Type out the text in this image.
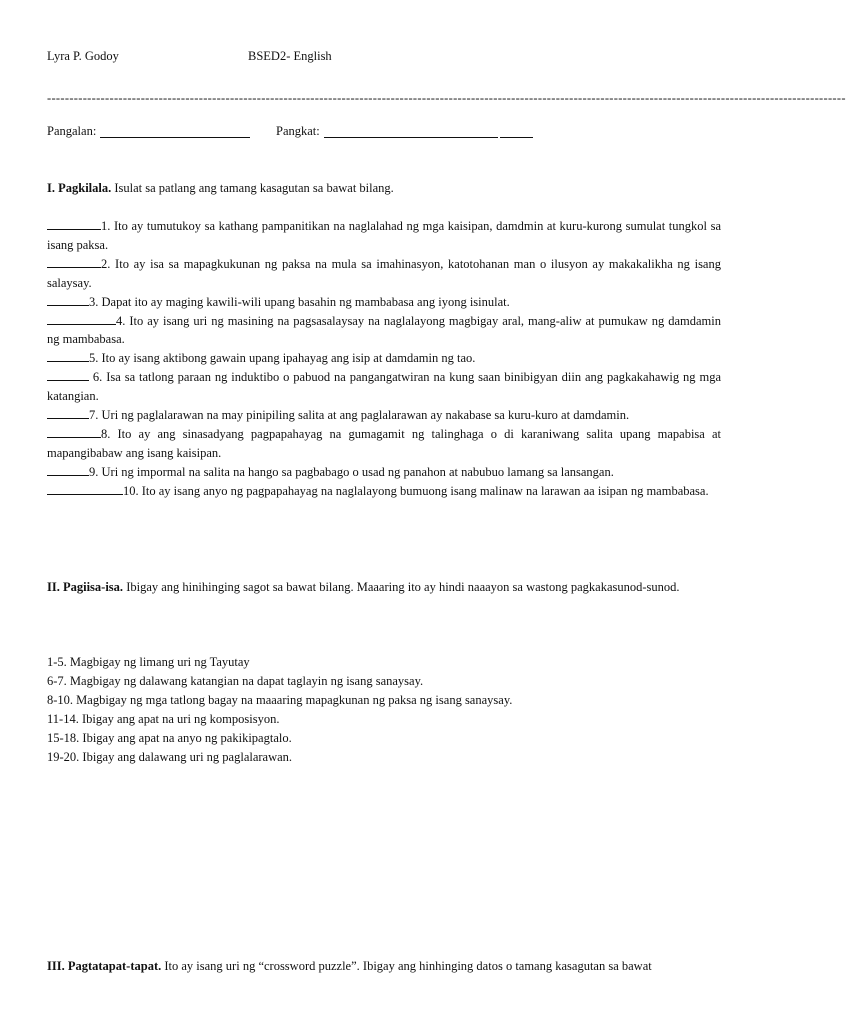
Lyra P. Godoy	BSED2- English
-----------------------------------------------------------------------------------------------------------------------------------------------------------------------------------
Pangalan:	Pangkat:
I. Pagkilala. Isulat sa patlang ang tamang kasagutan sa bawat bilang.
1. Ito ay tumutukoy sa kathang pampanitikan na naglalahad ng mga kaisipan, damdmin at kuru-kurong sumulat tungkol sa isang paksa.
2. Ito ay isa sa mapagkukunan ng paksa na mula sa imahinasyon, katotohanan man o ilusyon ay makakalikha ng isang salaysay.
3. Dapat ito ay maging kawili-wili upang basahin ng mambabasa ang iyong isinulat.
4. Ito ay isang uri ng masining na pagsasalaysay na naglalayong magbigay aral, mang-aliw at pumukaw ng damdamin ng mambabasa.
5. Ito ay isang aktibong gawain upang ipahayag ang isip at damdamin ng tao.
6. Isa sa tatlong paraan ng induktibo o pabuod na pangangatwiran na kung saan binibigyan diin ang pagkakahawig ng mga katangian.
7. Uri ng paglalarawan na may pinipiling salita at ang paglalarawan ay nakabase sa kuru-kuro at damdamin.
8. Ito ay ang sinasadyang pagpapahayag na gumagamit ng talinghaga o di karaniwang salita upang mapabisa at mapangibabaw ang isang kaisipan.
9. Uri ng impormal na salita na hango sa pagbabago o usad ng panahon at nabubuo lamang sa lansangan.
10. Ito ay isang anyo ng pagpapahayag na naglalayong bumuong isang malinaw na larawan aa isipan ng mambabasa.
II. Pagiisa-isa. Ibigay ang hinihinging sagot sa bawat bilang. Maaaring ito ay hindi naaayon sa wastong pagkakasunod-sunod.
1-5. Magbigay ng limang uri ng Tayutay
6-7. Magbigay ng dalawang katangian na dapat taglayin ng isang sanaysay.
8-10. Magbigay ng mga tatlong bagay na maaaring mapagkunan ng paksa ng isang sanaysay.
11-14. Ibigay ang apat na uri ng komposisyon.
15-18. Ibigay ang apat na anyo ng pakikipagtalo.
19-20. Ibigay ang dalawang uri ng paglalarawan.
III. Pagtatapat-tapat. Ito ay isang uri ng “crossword puzzle”. Ibigay ang hinhinging datos o tamang kasagutan sa bawat
